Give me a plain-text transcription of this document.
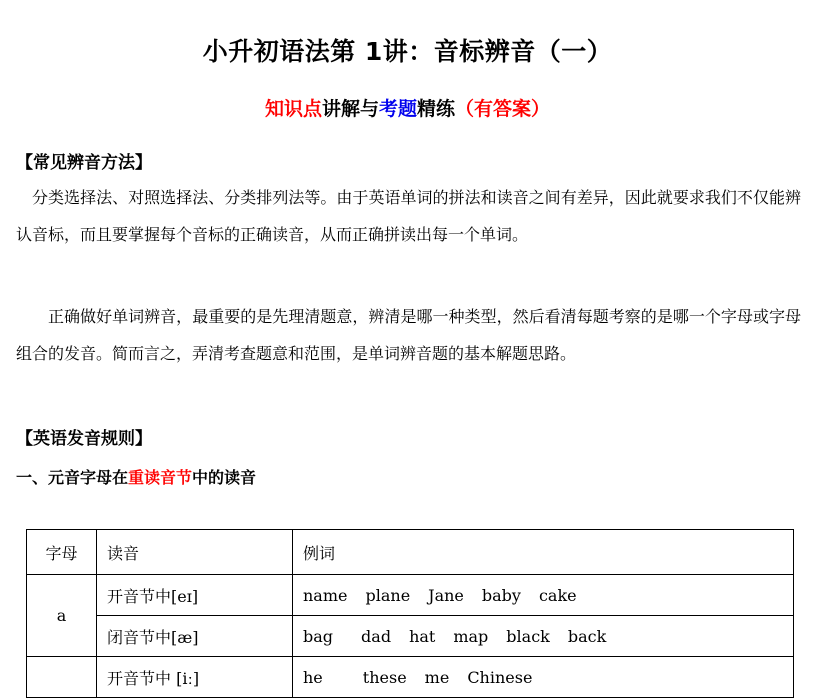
小升初语法第 1讲：音标辨音（一）
知识点讲解与考题精练（有答案）
【常见辨音方法】
分类选择法、对照选择法、分类排列法等。由于英语单词的拼法和读音之间有差异，因此就要求我们不仅能辨认音标，而且要掌握每个音标的正确读音，从而正确拼读出每一个单词。
正确做好单词辨音，最重要的是先理清题意，辨清是哪一种类型，然后看清每题考察的是哪一个字母或字母组合的发音。简而言之，弄清考查题意和范围，是单词辨音题的基本解题思路。
【英语发音规则】
一、元音字母在重读音节中的读音
字母	读音	例词
a	开音节中[eɪ]	name plane Jane baby cake
	闭音节中[æ]	bag dad hat map black back
	开音节中 [iː]	he these me Chinese
